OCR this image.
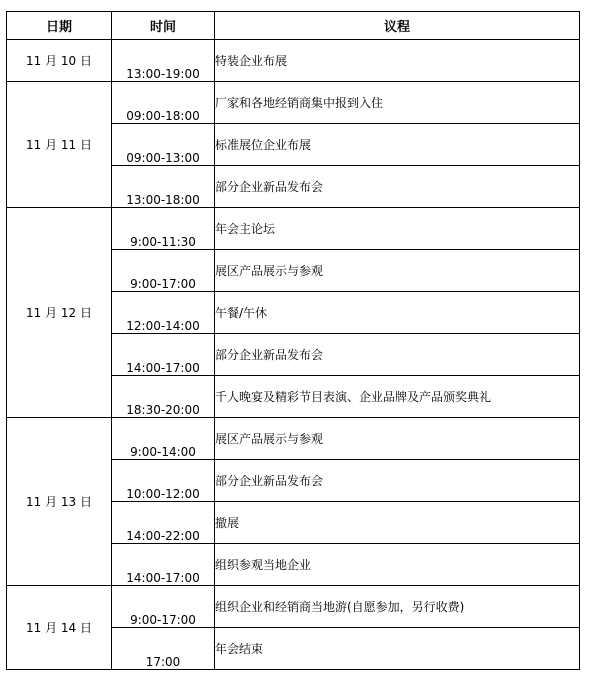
日期	时间	议程
11 月 10 日	13:00-19:00	特装企业布展
11 月 11 日	09:00-18:00	厂家和各地经销商集中报到入住
	09:00-13:00	标准展位企业布展
	13:00-18:00	部分企业新品发布会
11 月 12 日	9:00-11:30	年会主论坛
	9:00-17:00	展区产品展示与参观
	12:00-14:00	午餐/午休
	14:00-17:00	部分企业新品发布会
	18:30-20:00	千人晚宴及精彩节目表演、企业品牌及产品颁奖典礼
11 月 13 日	9:00-14:00	展区产品展示与参观
	10:00-12:00	部分企业新品发布会
	14:00-22:00	撤展
	14:00-17:00	组织参观当地企业
11 月 14 日	9:00-17:00	组织企业和经销商当地游(自愿参加，另行收费)
	17:00	年会结束
